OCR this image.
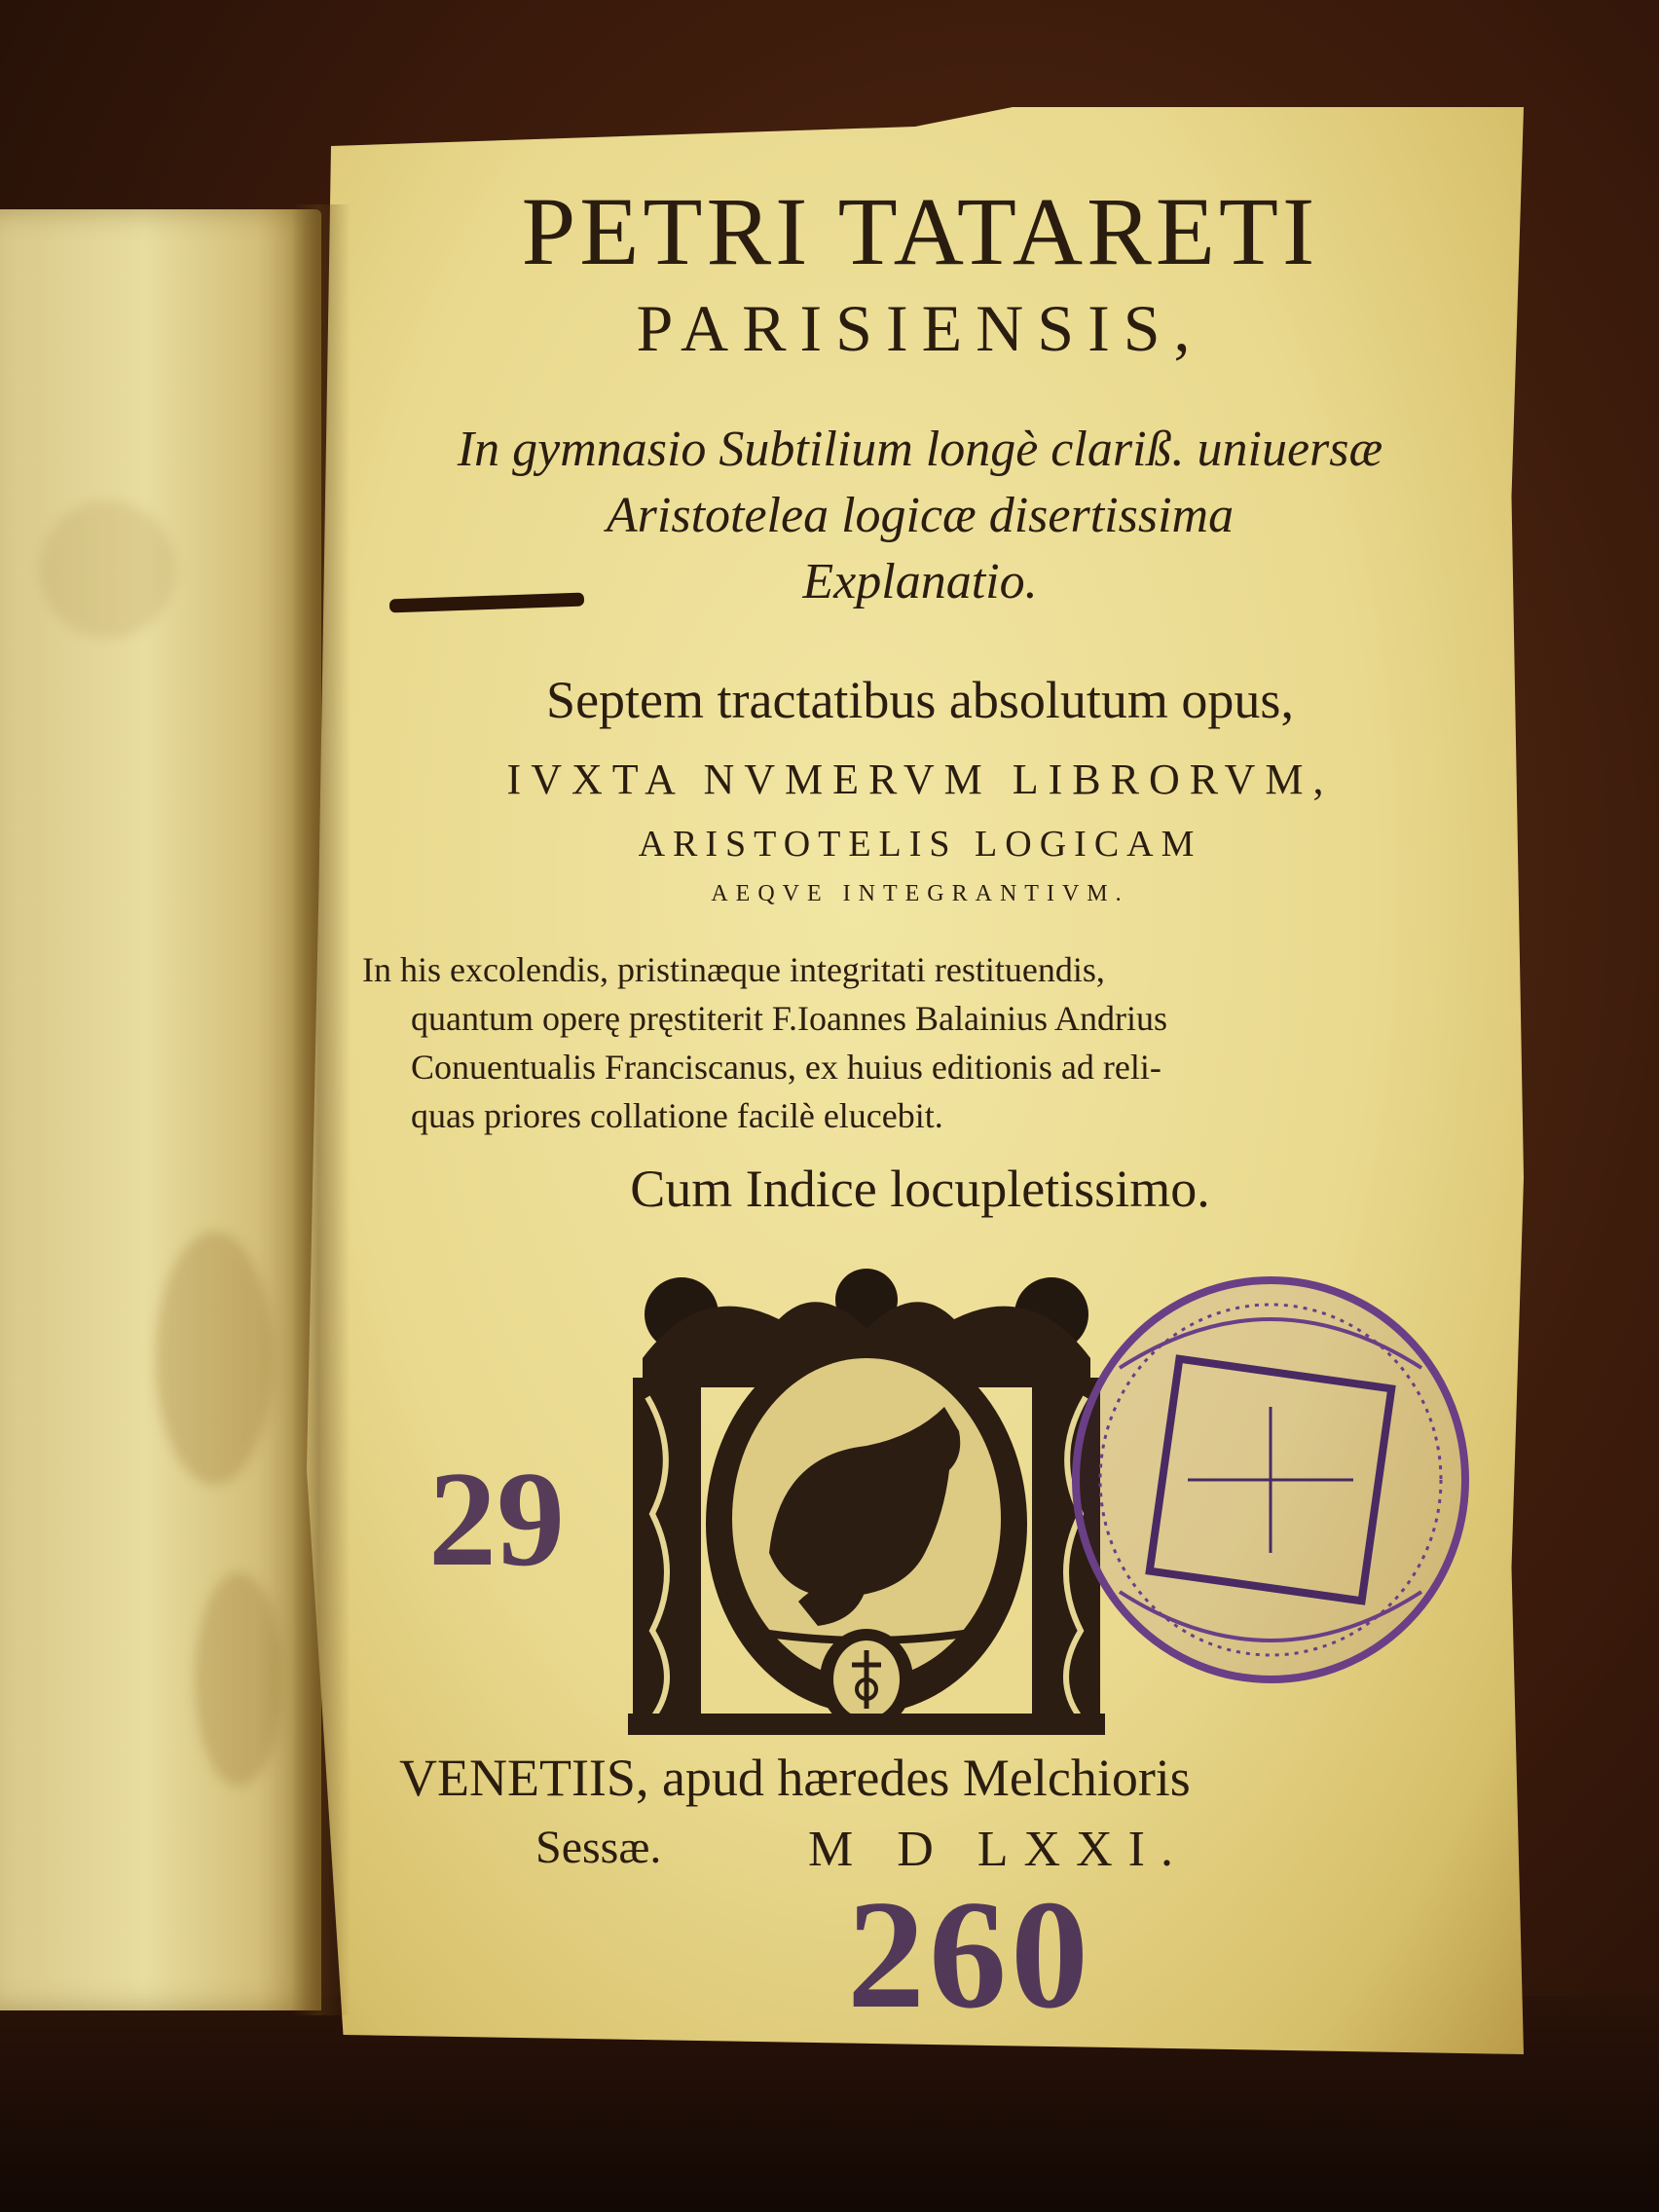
PETRI TATARETI
PARISIENSIS,
In gymnasio Subtilium longè clariß. uniuersæ
Aristotelea logicæ disertissima
Explanatio.
Septem tractatibus absolutum opus,
IVXTA NVMERVM LIBRORVM,
ARISTOTELIS LOGICAM
AEQVE INTEGRANTIVM.
In his excolendis, pristinæque integritati restituendis,
quantum operę pręstiterit F.Ioannes Balainius Andrius
Conuentualis Franciscanus, ex huius editionis ad reli-
quas priores collatione facilè elucebit.
Cum Indice locupletissimo.
29
VENETIIS, apud hæredes Melchioris
Sessæ.	M D LXXI.
260
